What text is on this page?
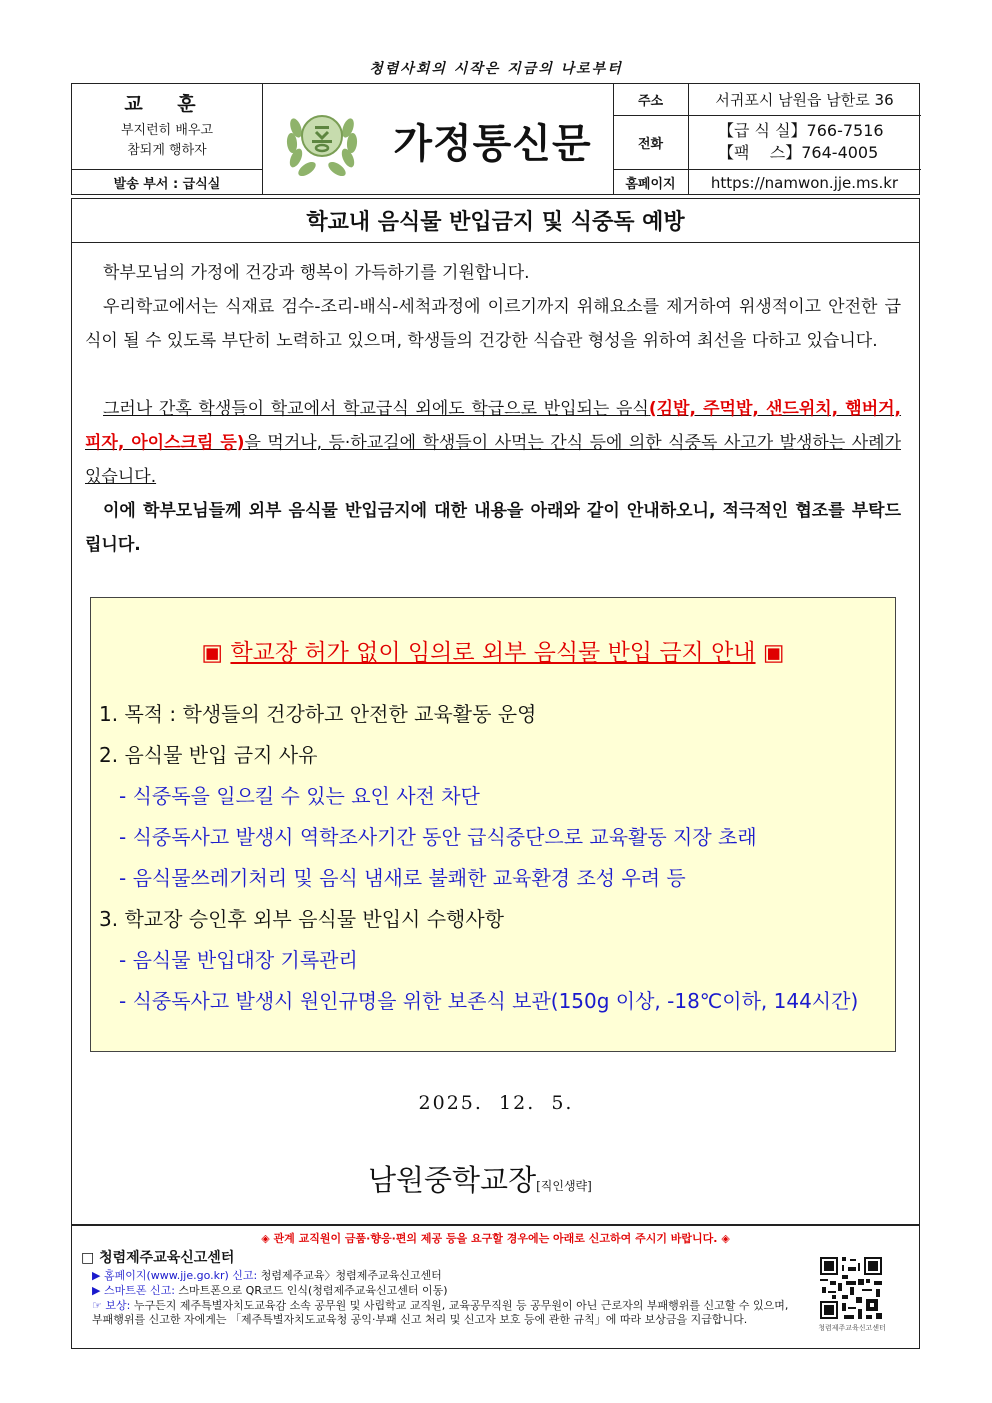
청렴사회의 시작은 지금의 나로부터
교 훈
부지런히 배우고
참되게 행하자
발송 부서 : 급식실
가정통신문
주소	서귀포시 남원읍 남한로 36
전화
【급 식 실】766-7516
【팩    스】764-4005
홈페이지	https://namwon.jje.ms.kr
학교내 음식물 반입금지 및 식중독 예방
학부모님의 가정에 건강과 행복이 가득하기를 기원합니다.
우리학교에서는 식재료 검수-조리-배식-세척과정에 이르기까지 위해요소를 제거하여 위생적이고 안전한 급식이 될 수 있도록 부단히 노력하고 있으며, 학생들의 건강한 식습관 형성을 위하여 최선을 다하고 있습니다.
그러나 간혹 학생들이 학교에서 학교급식 외에도 학급으로 반입되는 음식(김밥, 주먹밥, 샌드위치, 햄버거, 피자, 아이스크림 등)을 먹거나, 등·하교길에 학생들이 사먹는 간식 등에 의한 식중독 사고가 발생하는 사례가 있습니다.
이에 학부모님들께 외부 음식물 반입금지에 대한 내용을 아래와 같이 안내하오니, 적극적인 협조를 부탁드립니다.
▣ 학교장 허가 없이 임의로 외부 음식물 반입 금지 안내 ▣
1. 목적 : 학생들의 건강하고 안전한 교육활동 운영
2. 음식물 반입 금지 사유
- 식중독을 일으킬 수 있는 요인 사전 차단
- 식중독사고 발생시 역학조사기간 동안 급식중단으로 교육활동 지장 초래
- 음식물쓰레기처리 및 음식 냄새로 불쾌한 교육환경 조성 우려 등
3. 학교장 승인후 외부 음식물 반입시 수행사항
- 음식물 반입대장 기록관리
- 식중독사고 발생시 원인규명을 위한 보존식 보관(150g 이상, -18℃이하, 144시간)
2025.  12.  5.
남원중학교장[직인생략]
◈ 관계 교직원이 금품·향응·편의 제공 등을 요구할 경우에는 아래로 신고하여 주시기 바랍니다. ◈
□ 청렴제주교육신고센터
▶ 홈페이지(www.jje.go.kr) 신고: 청렴제주교육〉청렴제주교육신고센터
▶ 스마트폰 신고: 스마트폰으로 QR코드 인식(청렴제주교육신고센터 이동)
☞ 보상: 누구든지 제주특별자치도교육감 소속 공무원 및 사립학교 교직원, 교육공무직원 등 공무원이 아닌 근로자의 부패행위를 신고할 수 있으며, 부패행위를 신고한 자에게는 「제주특별자치도교육청 공익·부패 신고 처리 및 신고자 보호 등에 관한 규칙」에 따라 보상금을 지급합니다.
청렴제주교육신고센터
